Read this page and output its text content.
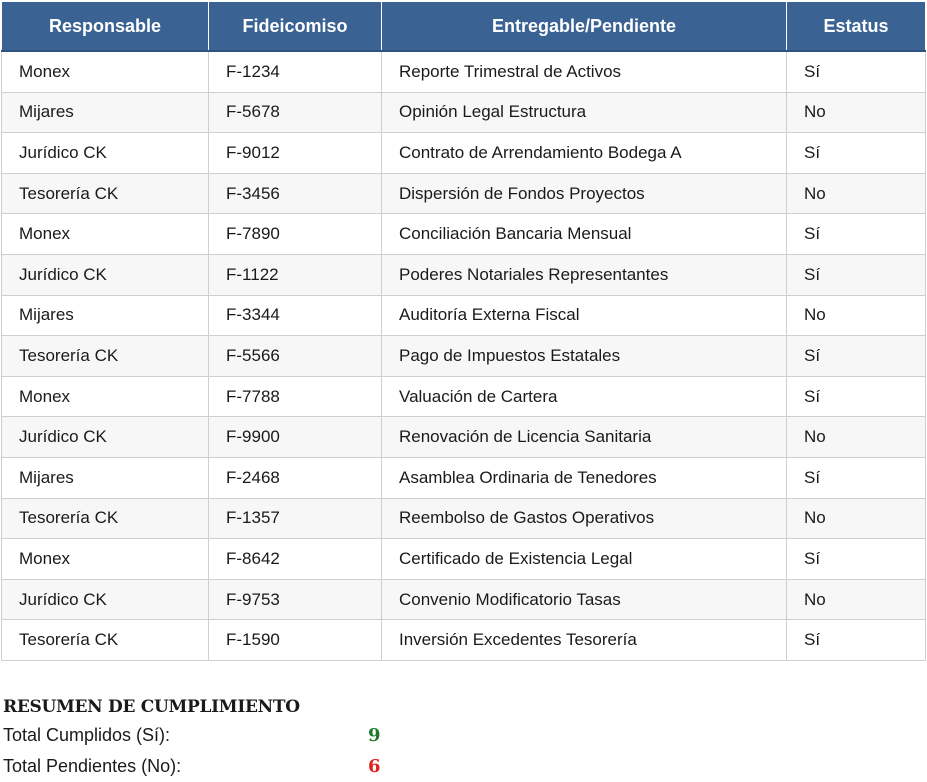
Responsable	Fideicomiso	Entregable/Pendiente	Estatus
Monex	F-1234	Reporte Trimestral de Activos	Sí
Mijares	F-5678	Opinión Legal Estructura	No
Jurídico CK	F-9012	Contrato de Arrendamiento Bodega A	Sí
Tesorería CK	F-3456	Dispersión de Fondos Proyectos	No
Monex	F-7890	Conciliación Bancaria Mensual	Sí
Jurídico CK	F-1122	Poderes Notariales Representantes	Sí
Mijares	F-3344	Auditoría Externa Fiscal	No
Tesorería CK	F-5566	Pago de Impuestos Estatales	Sí
Monex	F-7788	Valuación de Cartera	Sí
Jurídico CK	F-9900	Renovación de Licencia Sanitaria	No
Mijares	F-2468	Asamblea Ordinaria de Tenedores	Sí
Tesorería CK	F-1357	Reembolso de Gastos Operativos	No
Monex	F-8642	Certificado de Existencia Legal	Sí
Jurídico CK	F-9753	Convenio Modificatorio Tasas	No
Tesorería CK	F-1590	Inversión Excedentes Tesorería	Sí
RESUMEN DE CUMPLIMIENTO
Total Cumplidos (Sí):	9
Total Pendientes (No):	6
